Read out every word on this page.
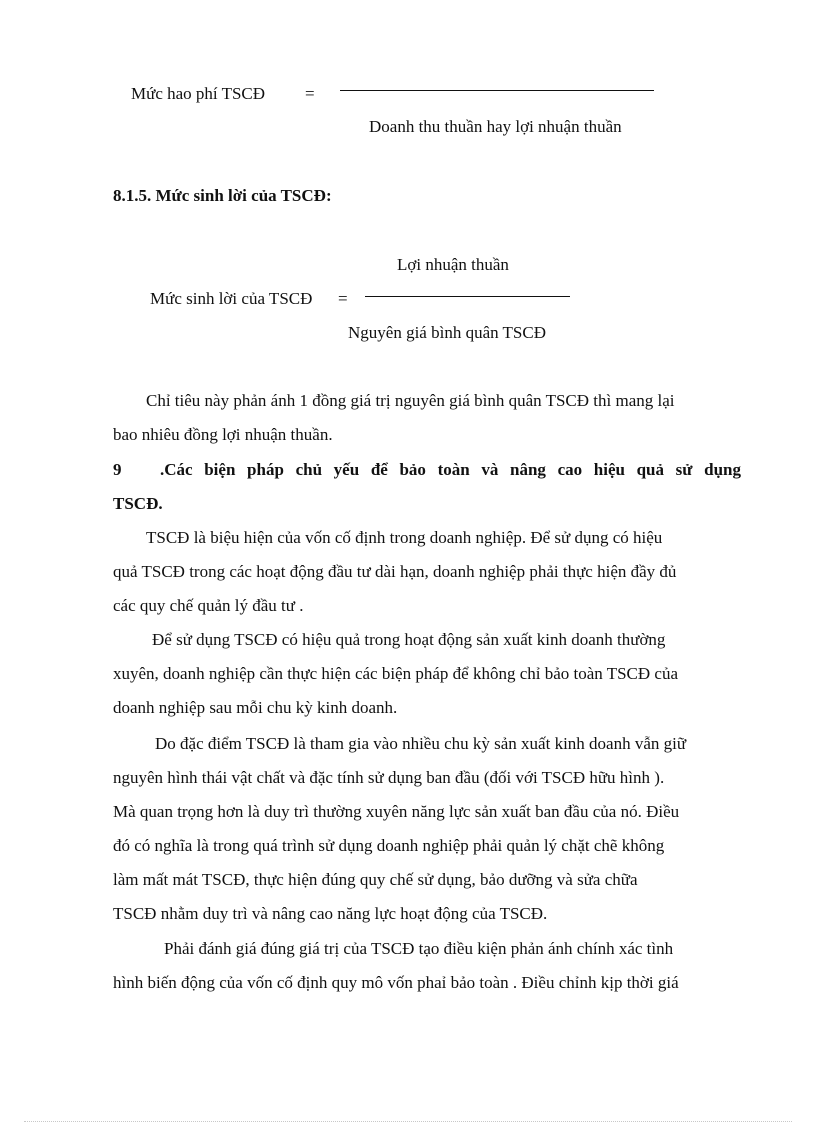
Mức hao phí TSCĐ =
Doanh thu thuần hay lợi nhuận thuần
8.1.5. Mức sinh lời của TSCĐ:
Lợi nhuận thuần
Mức sinh lời của TSCĐ =
Nguyên giá bình quân TSCĐ
Chỉ tiêu này phản ánh 1 đồng giá trị nguyên giá bình quân TSCĐ thì mang lại
bao nhiêu đồng lợi nhuận thuần.
9 .Các biện pháp chủ yếu để bảo toàn và nâng cao hiệu quả sử dụng
TSCĐ.
TSCĐ là biệu hiện của vốn cố định trong doanh nghiệp. Để sử dụng có hiệu
quả TSCĐ trong các hoạt động đầu tư dài hạn, doanh nghiệp phải thực hiện đầy đủ
các quy chế quản lý đầu tư .
Để sử dụng TSCĐ có hiệu quả trong hoạt động sản xuất kinh doanh thường
xuyên, doanh nghiệp cần thực hiện các biện pháp để không chỉ bảo toàn TSCĐ của
doanh nghiệp sau mỗi chu kỳ kinh doanh.
Do đặc điểm TSCĐ là tham gia vào nhiều chu kỳ sản xuất kinh doanh vẫn giữ
nguyên hình thái vật chất và đặc tính sử dụng ban đầu (đối với TSCĐ hữu hình ).
Mà quan trọng hơn là duy trì thường xuyên năng lực sản xuất ban đầu của nó. Điều
đó có nghĩa là trong quá trình sử dụng doanh nghiệp phải quản lý chặt chẽ không
làm mất mát TSCĐ, thực hiện đúng quy chế sử dụng, bảo dưỡng và sửa chữa
TSCĐ nhằm duy trì và nâng cao năng lực hoạt động của TSCĐ.
Phải đánh giá đúng giá trị của TSCĐ tạo điều kiện phản ánh chính xác tình
hình biến động của vốn cố định quy mô vốn phaỉ bảo toàn . Điều chỉnh kịp thời giá
